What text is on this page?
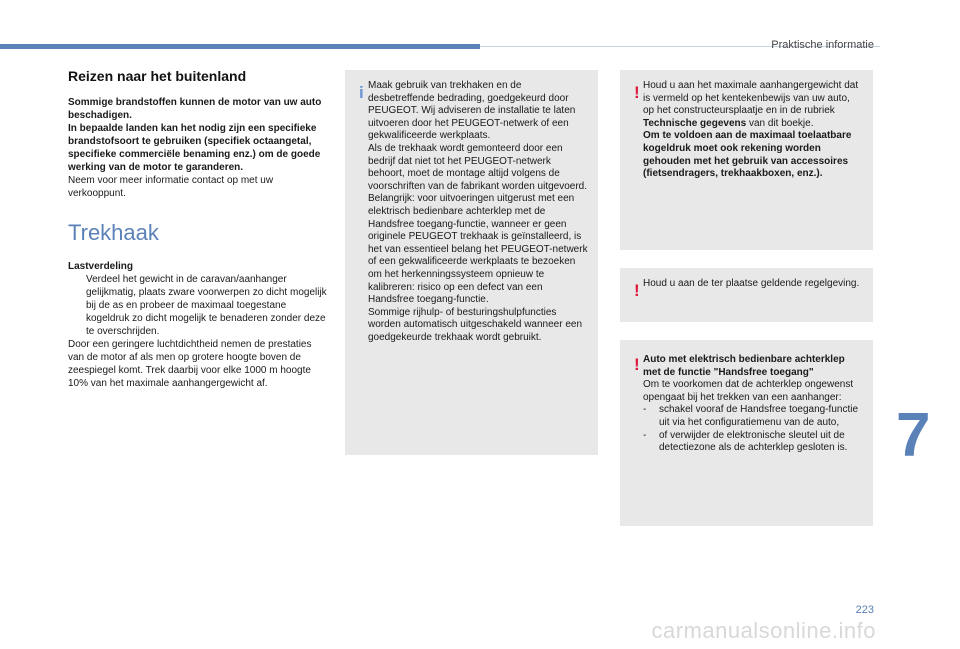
Praktische informatie
Reizen naar het buitenland

Sommige brandstoffen kunnen de motor van uw auto beschadigen.

In bepaalde landen kan het nodig zijn een specifieke brandstofsoort te gebruiken (specifiek octaangetal, specifieke commerciële benaming enz.) om de goede werking van de motor te garanderen.

Neem voor meer informatie contact op met uw verkooppunt.

Trekhaak

Lastverdeling

Verdeel het gewicht in de caravan/aanhanger gelijkmatig, plaats zware voorwerpen zo dicht mogelijk bij de as en probeer de maximaal toegestane kogeldruk zo dicht mogelijk te benaderen zonder deze te overschrijden.

Door een geringere luchtdichtheid nemen de prestaties van de motor af als men op grotere hoogte boven de zeespiegel komt. Trek daarbij voor elke 1000 m hoogte 10% van het maximale aanhangergewicht af.

i Maak gebruik van trekhaken en de desbetreffende bedrading, goedgekeurd door PEUGEOT. Wij adviseren de installatie te laten uitvoeren door het PEUGEOT-netwerk of een gekwalificeerde werkplaats.
Als de trekhaak wordt gemonteerd door een bedrijf dat niet tot het PEUGEOT-netwerk behoort, moet de montage altijd volgens de voorschriften van de fabrikant worden uitgevoerd.
Belangrijk: voor uitvoeringen uitgerust met een elektrisch bedienbare achterklep met de Handsfree toegang-functie, wanneer er geen originele PEUGEOT trekhaak is geïnstalleerd, is het van essentieel belang het PEUGEOT-netwerk of een gekwalificeerde werkplaats te bezoeken om het herkenningssysteem opnieuw te kalibreren: risico op een defect van een Handsfree toegang-functie.
Sommige rijhulp- of besturingshulpfuncties worden automatisch uitgeschakeld wanneer een goedgekeurde trekhaak wordt gebruikt.
! Houd u aan het maximale aanhangergewicht dat is vermeld op het kentekenbewijs van uw auto, op het constructeursplaatje en in de rubriek Technische gegevens van dit boekje.
Om te voldoen aan de maximaal toelaatbare kogeldruk moet ook rekening worden gehouden met het gebruik van accessoires (fietsendragers, trekhaakboxen, enz.).
! Houd u aan de ter plaatse geldende regelgeving.
! Auto met elektrisch bedienbare achterklep met de functie "Handsfree toegang"
Om te voorkomen dat de achterklep ongewenst opengaat bij het trekken van een aanhanger:
-	schakel vooraf de Handsfree toegang-functie uit via het configuratiemenu van de auto,
-	of verwijder de elektronische sleutel uit de detectiezone als de achterklep gesloten is. 7
223
carmanualsonline.info
